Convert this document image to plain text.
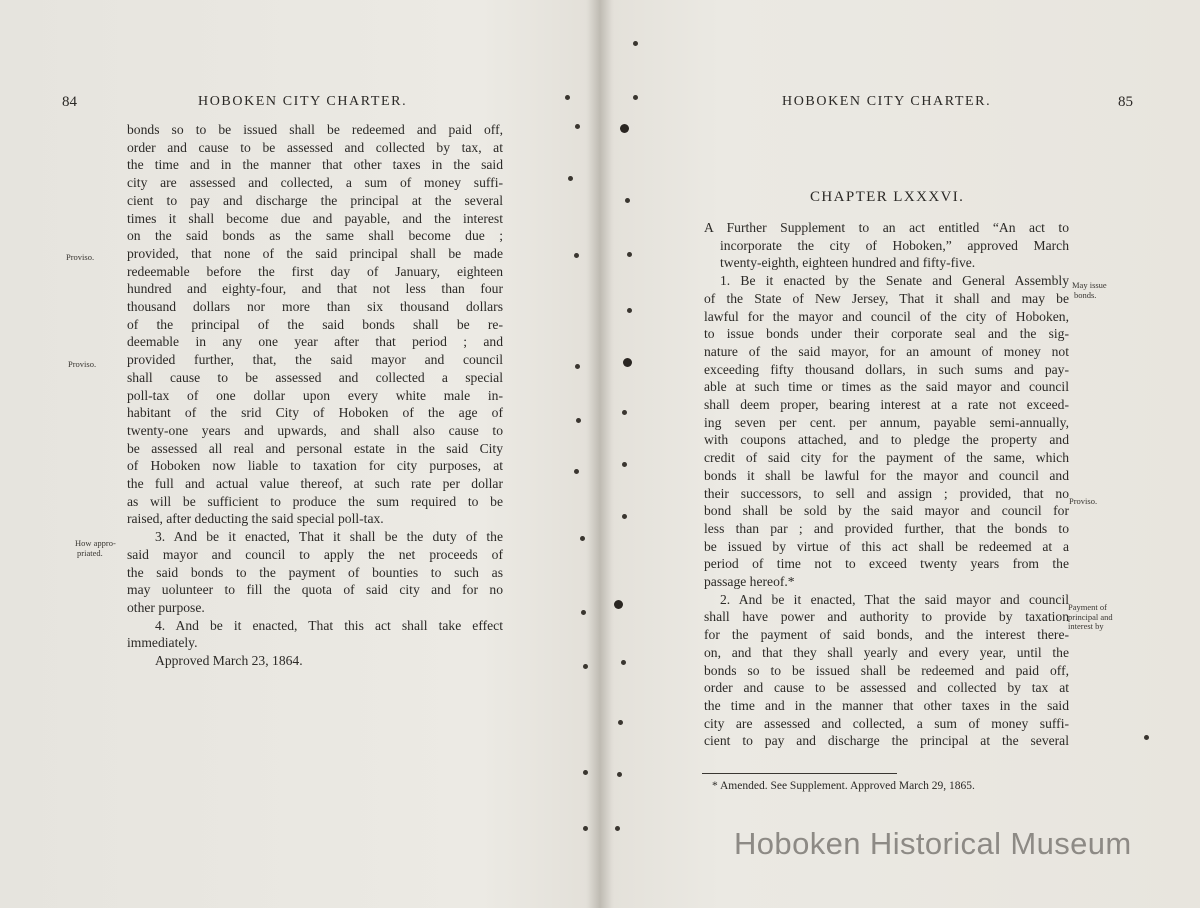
84	HOBOKEN CITY CHARTER.
Proviso.
Proviso.
How appro-
priated.
bonds so to be issued shall be redeemed and paid off,
order and cause to be assessed and collected by tax, at
the time and in the manner that other taxes in the said
city are assessed and collected, a sum of money suffi-
cient to pay and discharge the principal at the several
times it shall become due and payable, and the interest
on the said bonds as the same shall become due ;
provided, that none of the said principal shall be made
redeemable before the first day of January, eighteen
hundred and eighty-four, and that not less than four
thousand dollars nor more than six thousand dollars
of the principal of the said bonds shall be re-
deemable in any one year after that period ; and
provided further, that, the said mayor and council
shall cause to be assessed and collected a special
poll-tax of one dollar upon every white male in-
habitant of the srid City of Hoboken of the age of
twenty-one years and upwards, and shall also cause to
be assessed all real and personal estate in the said City
of Hoboken now liable to taxation for city purposes, at
the full and actual value thereof, at such rate per dollar
as will be sufficient to produce the sum required to be
raised, after deducting the said special poll-tax.
3. And be it enacted, That it shall be the duty of the
said mayor and council to apply the net proceeds of
the said bonds to the payment of bounties to such as
may uolunteer to fill the quota of said city and for no
other purpose.
4. And be it enacted, That this act shall take effect
immediately.
Approved March 23, 1864.
HOBOKEN CITY CHARTER.	85
CHAPTER LXXXVI.
May issue
bonds.
Proviso.
Payment of
principal and
interest by
A Further Supplement to an act entitled “An act to
incorporate the city of Hoboken,” approved March
twenty-eighth, eighteen hundred and fifty-five.
1. Be it enacted by the Senate and General Assembly
of the State of New Jersey, That it shall and may be
lawful for the mayor and council of the city of Hoboken,
to issue bonds under their corporate seal and the sig-
nature of the said mayor, for an amount of money not
exceeding fifty thousand dollars, in such sums and pay-
able at such time or times as the said mayor and council
shall deem proper, bearing interest at a rate not exceed-
ing seven per cent. per annum, payable semi-annually,
with coupons attached, and to pledge the property and
credit of said city for the payment of the same, which
bonds it shall be lawful for the mayor and council and
their successors, to sell and assign ; provided, that no
bond shall be sold by the said mayor and council for
less than par ; and provided further, that the bonds to
be issued by virtue of this act shall be redeemed at a
period of time not to exceed twenty years from the
passage hereof.*
2. And be it enacted, That the said mayor and council
shall have power and authority to provide by taxation
for the payment of said bonds, and the interest there-
on, and that they shall yearly and every year, until the
bonds so to be issued shall be redeemed and paid off,
order and cause to be assessed and collected by tax at
the time and in the manner that other taxes in the said
city are assessed and collected, a sum of money suffi-
cient to pay and discharge the principal at the several
* Amended. See Supplement. Approved March 29, 1865.
Hoboken Historical Museum
